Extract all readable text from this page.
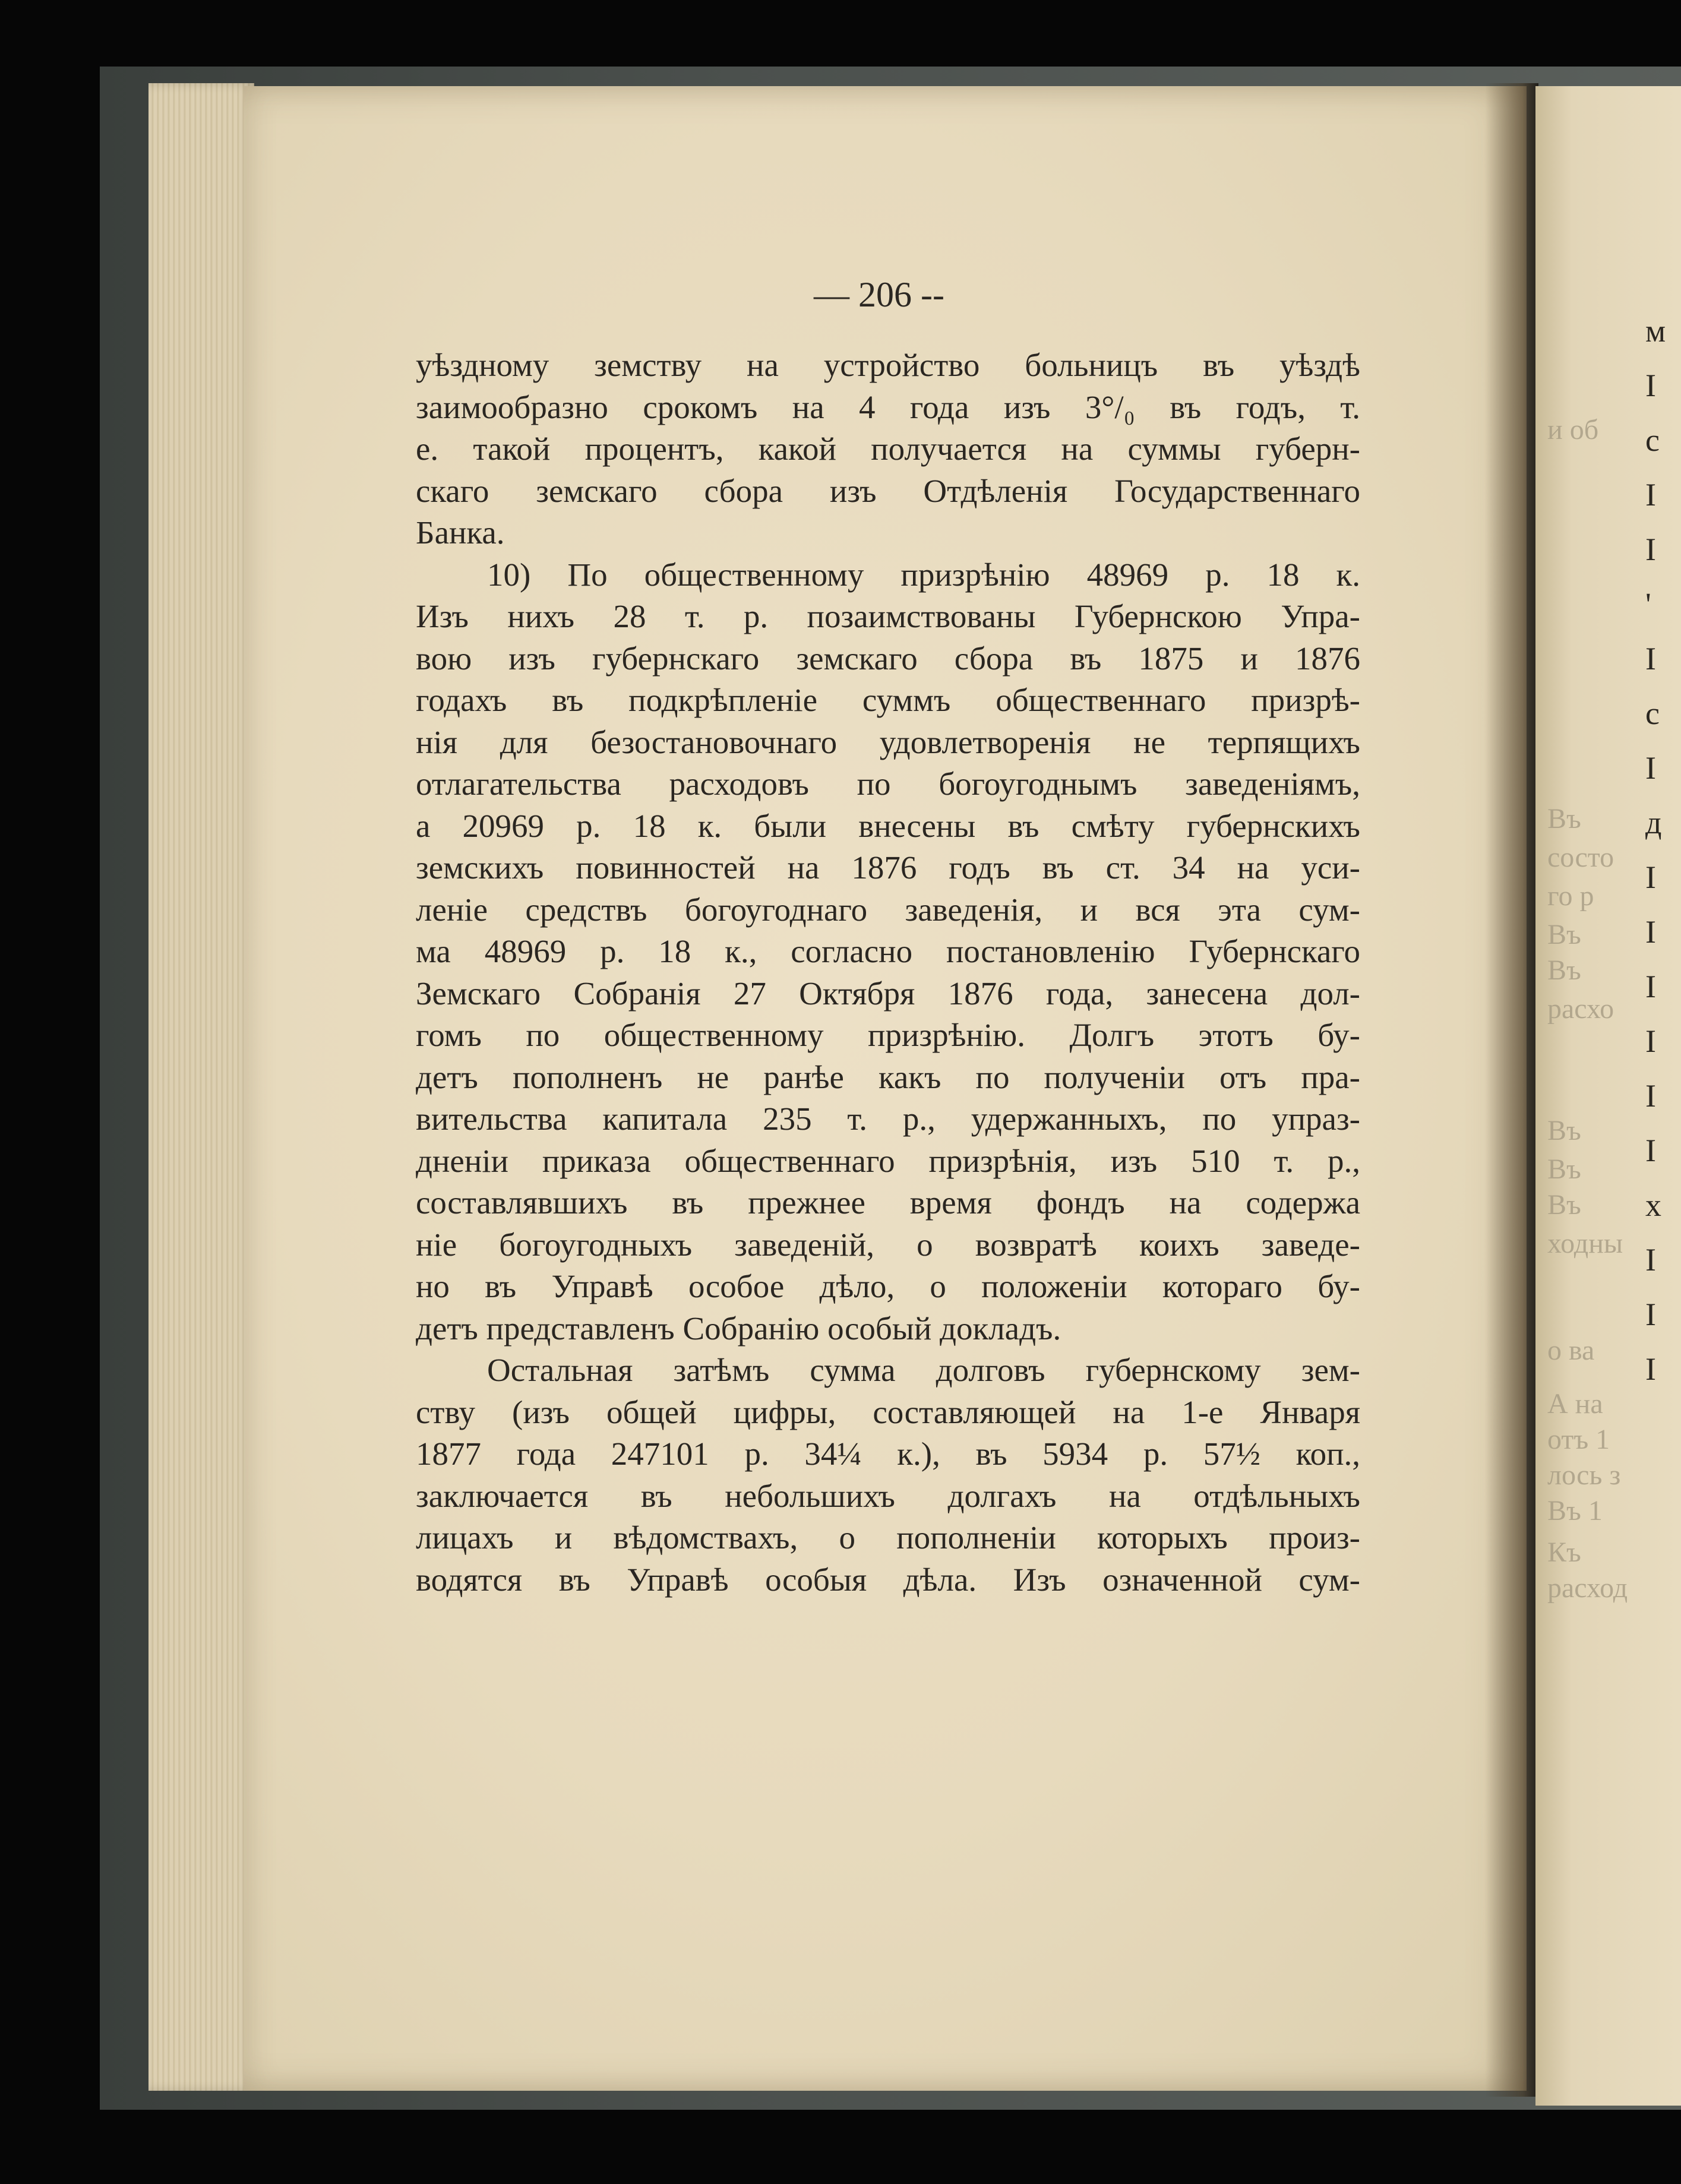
м
I
с
I
I
'
I
с
I
д
I
I
I
I
I
I
х
I
I
I
и об
Въ
состо
го р
Въ
Въ
расхо
Въ
Въ
Въ
ходны
о ва
А на
отъ 1
лось з
Въ 1
Къ
расход
— 206 --
уѣздному земству на устройство больницъ въ уѣздѣ
заимообразно срокомъ на 4 года изъ 3°/₀ въ годъ, т.
е. такой процентъ, какой получается на суммы губерн-
скаго земскаго сбора изъ Отдѣленія Государственнаго
Банка.
10) По общественному призрѣнію 48969 р. 18 к.
Изъ нихъ 28 т. р. позаимствованы Губернскою Упра-
вою изъ губернскаго земскаго сбора въ 1875 и 1876
годахъ въ подкрѣпленіе суммъ общественнаго призрѣ-
нія для безостановочнаго удовлетворенія не терпящихъ
отлагательства расходовъ по богоугоднымъ заведеніямъ,
а 20969 р. 18 к. были внесены въ смѣту губернскихъ
земскихъ повинностей на 1876 годъ въ ст. 34 на уси-
леніе средствъ богоугоднаго заведенія, и вся эта сум-
ма 48969 р. 18 к., согласно постановленію Губернскаго
Земскаго Собранія 27 Октября 1876 года, занесена дол-
гомъ по общественному призрѣнію. Долгъ этотъ бу-
детъ пополненъ не ранѣе какъ по полученіи отъ пра-
вительства капитала 235 т. р., удержанныхъ, по упраз-
дненіи приказа общественнаго призрѣнія, изъ 510 т. р.,
составлявшихъ въ прежнее время фондъ на содержа
ніе богоугодныхъ заведеній, о возвратѣ коихъ заведе-
но въ Управѣ особое дѣло, о положеніи котораго бу-
детъ представленъ Собранію особый докладъ.
Остальная затѣмъ сумма долговъ губернскому зем-
ству (изъ общей цифры, составляющей на 1-е Января
1877 года 247101 р. 34¼ к.), въ 5934 р. 57½ коп.,
заключается въ небольшихъ долгахъ на отдѣльныхъ
лицахъ и вѣдомствахъ, о пополненіи которыхъ произ-
водятся въ Управѣ особыя дѣла. Изъ означенной сум-
